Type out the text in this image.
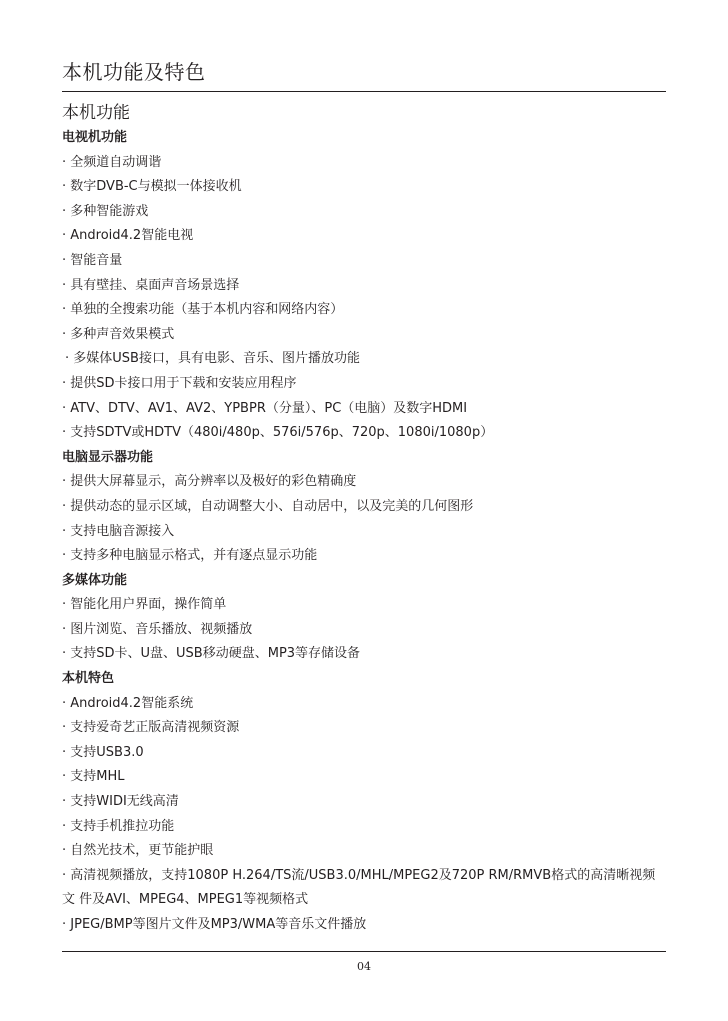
本机功能及特色
本机功能
电视机功能
· 全频道自动调谐
· 数字DVB-C与模拟一体接收机
· 多种智能游戏
· Android4.2智能电视
· 智能音量
· 具有壁挂、桌面声音场景选择
· 单独的全搜索功能（基于本机内容和网络内容）
· 多种声音效果模式
· 多媒体USB接口，具有电影、音乐、图片播放功能
· 提供SD卡接口用于下载和安装应用程序
· ATV、DTV、AV1、AV2、YPBPR（分量）、PC（电脑）及数字HDMI
· 支持SDTV或HDTV（480i/480p、576i/576p、720p、1080i/1080p）
电脑显示器功能
· 提供大屏幕显示，高分辨率以及极好的彩色精确度
· 提供动态的显示区域，自动调整大小、自动居中，以及完美的几何图形
· 支持电脑音源接入
· 支持多种电脑显示格式，并有逐点显示功能
多媒体功能
· 智能化用户界面，操作简单
· 图片浏览、音乐播放、视频播放
· 支持SD卡、U盘、USB移动硬盘、MP3等存储设备
本机特色
· Android4.2智能系统
· 支持爱奇艺正版高清视频资源
· 支持USB3.0
· 支持MHL
· 支持WIDI无线高清
· 支持手机推拉功能
· 自然光技术，更节能护眼
· 高清视频播放，支持1080P H.264/TS流/USB3.0/MHL/MPEG2及720P RM/RMVB格式的高清晰视频文 件及AVI、MPEG4、MPEG1等视频格式
· JPEG/BMP等图片文件及MP3/WMA等音乐文件播放
04
